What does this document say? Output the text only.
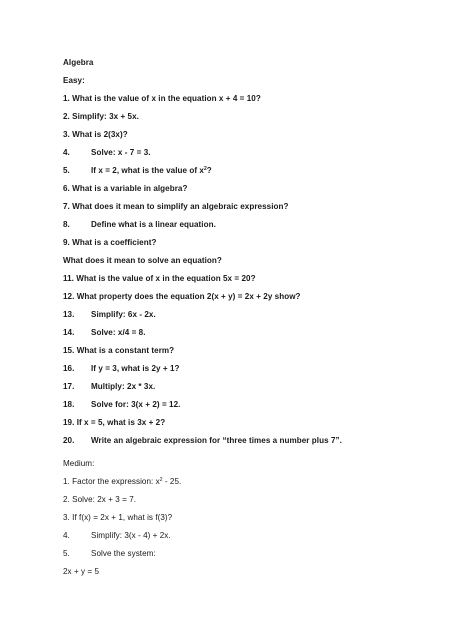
Algebra

Easy:

1. What is the value of x in the equation x + 4 = 10?

2. Simplify: 3x + 5x.

3. What is 2(3x)?

4.	Solve: x - 7 = 3.

5.	If x = 2, what is the value of $x^2$?

6. What is a variable in algebra?

7. What does it mean to simplify an algebraic expression?

8.	Define what is a linear equation.

9. What is a coefficient?

What does it mean to solve an equation?

11. What is the value of x in the equation 5x = 20?

12. What property does the equation 2(x + y) = 2x + 2y show?

13. Simplify: 6x - 2x.

14. Solve: x/4 = 8.

15. What is a constant term?

16. If y = 3, what is 2y + 1?

17. Multiply: 2x * 3x.

18. Solve for: 3(x + 2) = 12.

19. If x = 5, what is 3x + 2?

20. Write an algebraic expression for “three times a number plus 7”.

Medium:

1. Factor the expression: $x^2 - 25$.

2. Solve: 2x + 3 = 7.

3. If f(x) = 2x + 1, what is f(3)?

4.	Simplify: 3(x - 4) + 2x.

5.	Solve the system:

2x + y = 5
